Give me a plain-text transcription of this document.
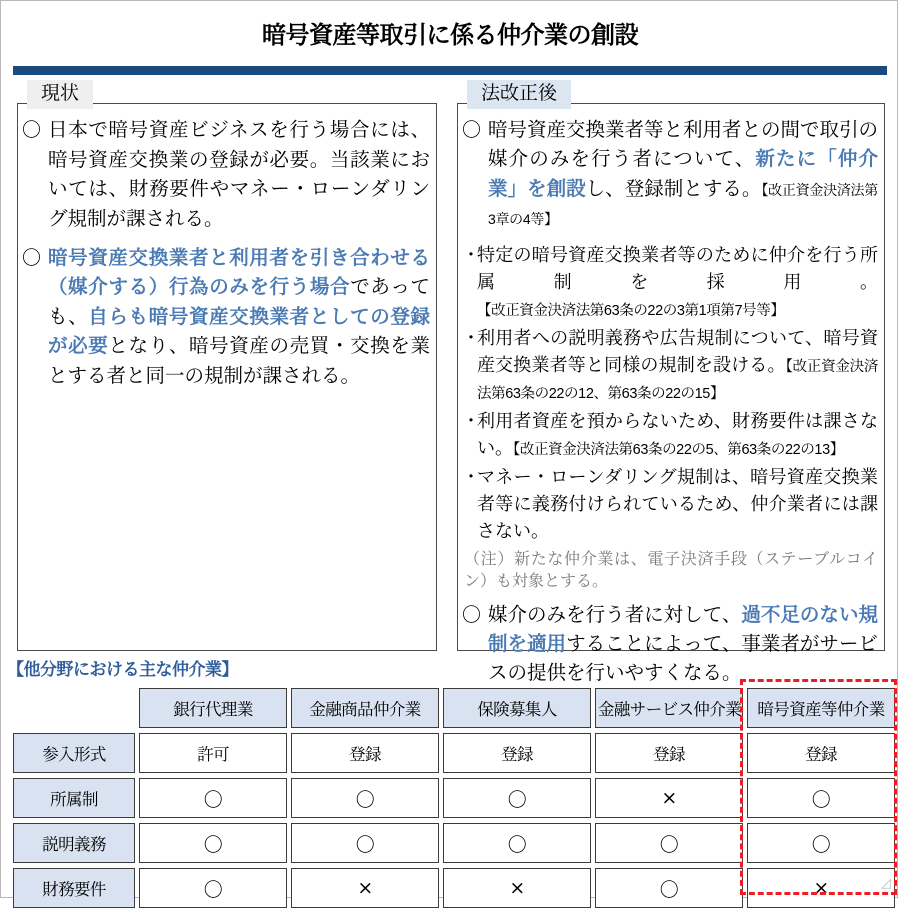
暗号資産等取引に係る仲介業の創設
〇 日本で暗号資産ビジネスを行う場合には、暗号資産交換業の登録が必要。当該業においては、財務要件やマネー・ローンダリング規制が課される。
〇 暗号資産交換業者と利用者を引き合わせる（媒介する）行為のみを行う場合であっても、自らも暗号資産交換業者としての登録が必要となり、暗号資産の売買・交換を業とする者と同一の規制が課される。
現状
〇 暗号資産交換業者等と利用者との間で取引の媒介のみを行う者について、新たに「仲介業」を創設し、登録制とする。【改正資金決済法第3章の4等】
・
特定の暗号資産交換業者等のために仲介を行う所属制を採用。【改正資金決済法第63条の22の3第1項第7号等】
・
利用者への説明義務や広告規制について、暗号資産交換業者等と同様の規制を設ける。【改正資金決済法第63条の22の12、第63条の22の15】
・
利用者資産を預からないため、財務要件は課さない。【改正資金決済法第63条の22の5、第63条の22の13】
・
マネー・ローンダリング規制は、暗号資産交換業者等に義務付けられているため、仲介業者には課さない。
（注）新たな仲介業は、電子決済手段（ステーブルコイン）も対象とする。
〇 媒介のみを行う者に対して、過不足のない規制を適用することによって、事業者がサービスの提供を行いやすくなる。
法改正後
【他分野における主な仲介業】
	銀行代理業	金融商品仲介業	保険募集人	金融サービス仲介業	暗号資産等仲介業
参入形式	許可	登録	登録	登録	登録
所属制	〇	〇	〇	×	〇
説明義務	〇	〇	〇	〇	〇
財務要件	〇	×	×	〇	×	◿
